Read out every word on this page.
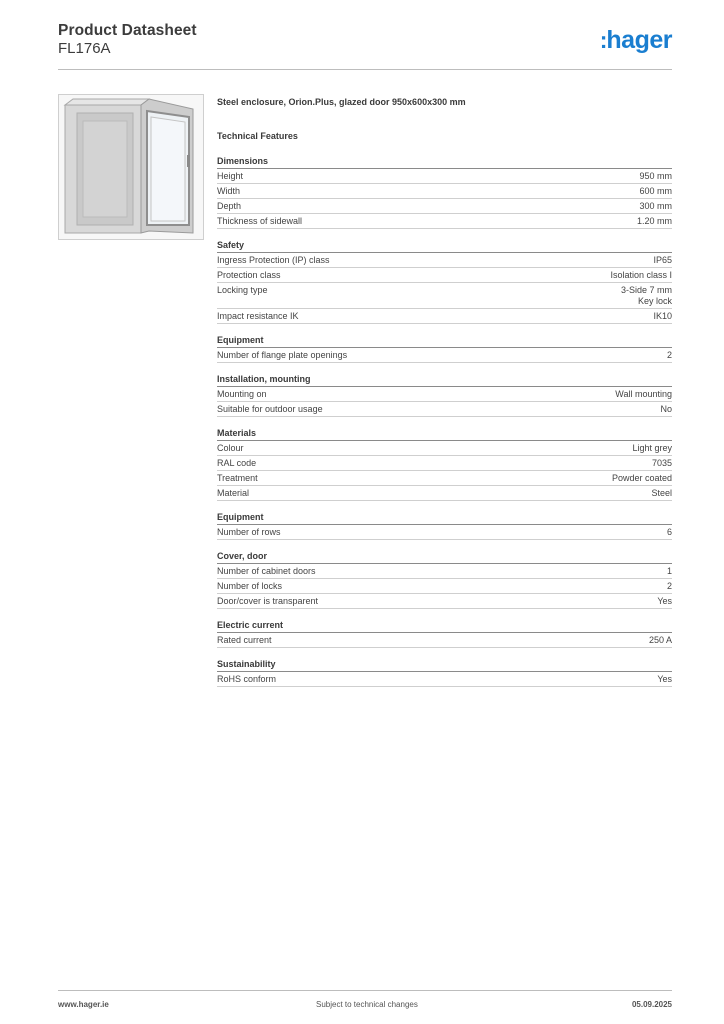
Product Datasheet
FL176A	:hager
Steel enclosure, Orion.Plus, glazed door 950x600x300 mm
Technical Features
Dimensions
Height	950 mm
Width	600 mm
Depth	300 mm
Thickness of sidewall	1.20 mm
Safety
Ingress Protection (IP) class	IP65
Protection class	Isolation class I
Locking type	3-Side 7 mm
Key lock
Impact resistance IK	IK10
Equipment
Number of flange plate openings	2
Installation, mounting
Mounting on	Wall mounting
Suitable for outdoor usage	No
Materials
Colour	Light grey
RAL code	7035
Treatment	Powder coated
Material	Steel
Equipment
Number of rows	6
Cover, door
Number of cabinet doors	1
Number of locks	2
Door/cover is transparent	Yes
Electric current
Rated current	250 A
Sustainability
RoHS conform	Yes
www.hager.ie	Subject to technical changes	05.09.2025
